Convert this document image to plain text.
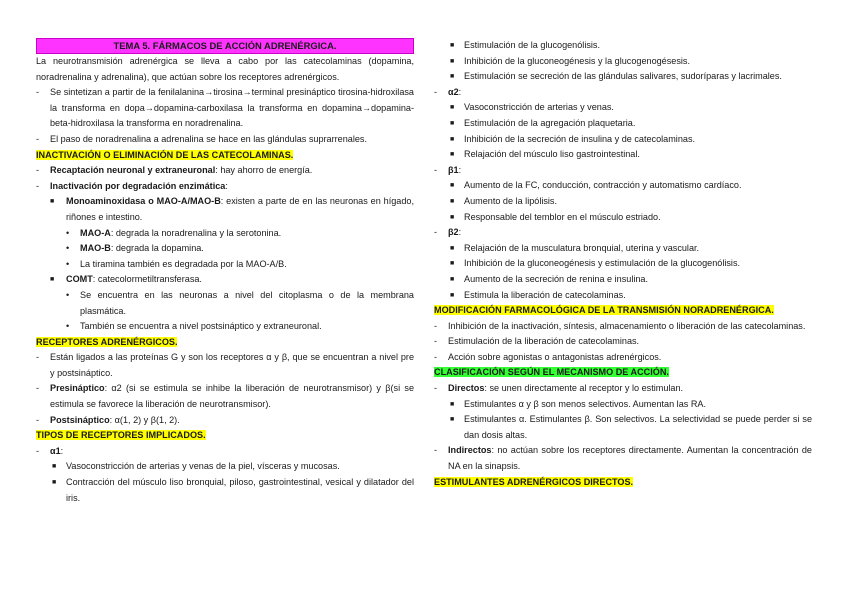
TEMA 5. FÁRMACOS DE ACCIÓN ADRENÉRGICA.
La neurotransmisión adrenérgica se lleva a cabo por las catecolaminas (dopamina, noradrenalina y adrenalina), que actúan sobre los receptores adrenérgicos.
-	Se sintetizan a partir de la fenilalanina→tirosina→terminal presináptico tirosina-hidroxilasa la transforma en dopa→dopamina-carboxilasa la transforma en dopamina→dopamina-beta-hidroxilasa la transforma en noradrenalina.
-	El paso de noradrenalina a adrenalina se hace en las glándulas suprarrenales.
INACTIVACIÓN O ELIMINACIÓN DE LAS CATECOLAMINAS.
-	Recaptación neuronal y extraneuronal: hay ahorro de energía.
-	Inactivación por degradación enzimática:
■	Monoaminoxidasa o MAO-A/MAO-B: existen a parte de en las neuronas en hígado, riñones e intestino.
•	MAO-A: degrada la noradrenalina y la serotonina.
•	MAO-B: degrada la dopamina.
•	La tiramina también es degradada por la MAO-A/B.
■	COMT: catecolormetiltransferasa.
•	Se encuentra en las neuronas a nivel del citoplasma o de la membrana plasmática.
•	También se encuentra a nivel postsináptico y extraneuronal.
RECEPTORES ADRENÉRGICOS.
-	Están ligados a las proteínas G y son los receptores α y β, que se encuentran a nivel pre y postsináptico.
-	Presináptico: α2 (si se estimula se inhibe la liberación de neurotransmisor) y β(si se estimula se favorece la liberación de neurotransmisor).
-	Postsináptico: α(1, 2) y β(1, 2).
TIPOS DE RECEPTORES IMPLICADOS.
-	α1:
■	Vasoconstricción de arterias y venas de la piel, vísceras y mucosas.
■	Contracción del músculo liso bronquial, piloso, gastrointestinal, vesical y dilatador del iris.
■	Estimulación de la glucogenólisis.
■	Inhibición de la gluconeogénesis y la glucogenogésesis.
■	Estimulación se secreción de las glándulas salivares, sudoríparas y lacrimales.
-	α2:
■	Vasoconstricción de arterias y venas.
■	Estimulación de la agregación plaquetaria.
■	Inhibición de la secreción de insulina y de catecolaminas.
■	Relajación del músculo liso gastrointestinal.
-	β1:
■	Aumento de la FC, conducción, contracción y automatismo cardíaco.
■	Aumento de la lipólisis.
■	Responsable del temblor en el músculo estriado.
-	β2:
■	Relajación de la musculatura bronquial, uterina y vascular.
■	Inhibición de la gluconeogénesis y estimulación de la glucogenólisis.
■	Aumento de la secreción de renina e insulina.
■	Estimula la liberación de catecolaminas.
MODIFICACIÓN FARMACOLÓGICA DE LA TRANSMISIÓN NORADRENÉRGICA.
-	Inhibición de la inactivación, síntesis, almacenamiento o liberación de las catecolaminas.
-	Estimulación de la liberación de catecolaminas.
-	Acción sobre agonistas o antagonistas adrenérgicos.
CLASIFICACIÓN SEGÚN EL MECANISMO DE ACCIÓN.
-	Directos: se unen directamente al receptor y lo estimulan.
■	Estimulantes α y β son menos selectivos. Aumentan las RA.
■	Estimulantes α. Estimulantes β. Son selectivos. La selectividad se puede perder si se dan dosis altas.
-	Indirectos: no actúan sobre los receptores directamente. Aumentan la concentración de NA en la sinapsis.
ESTIMULANTES ADRENÉRGICOS DIRECTOS.
